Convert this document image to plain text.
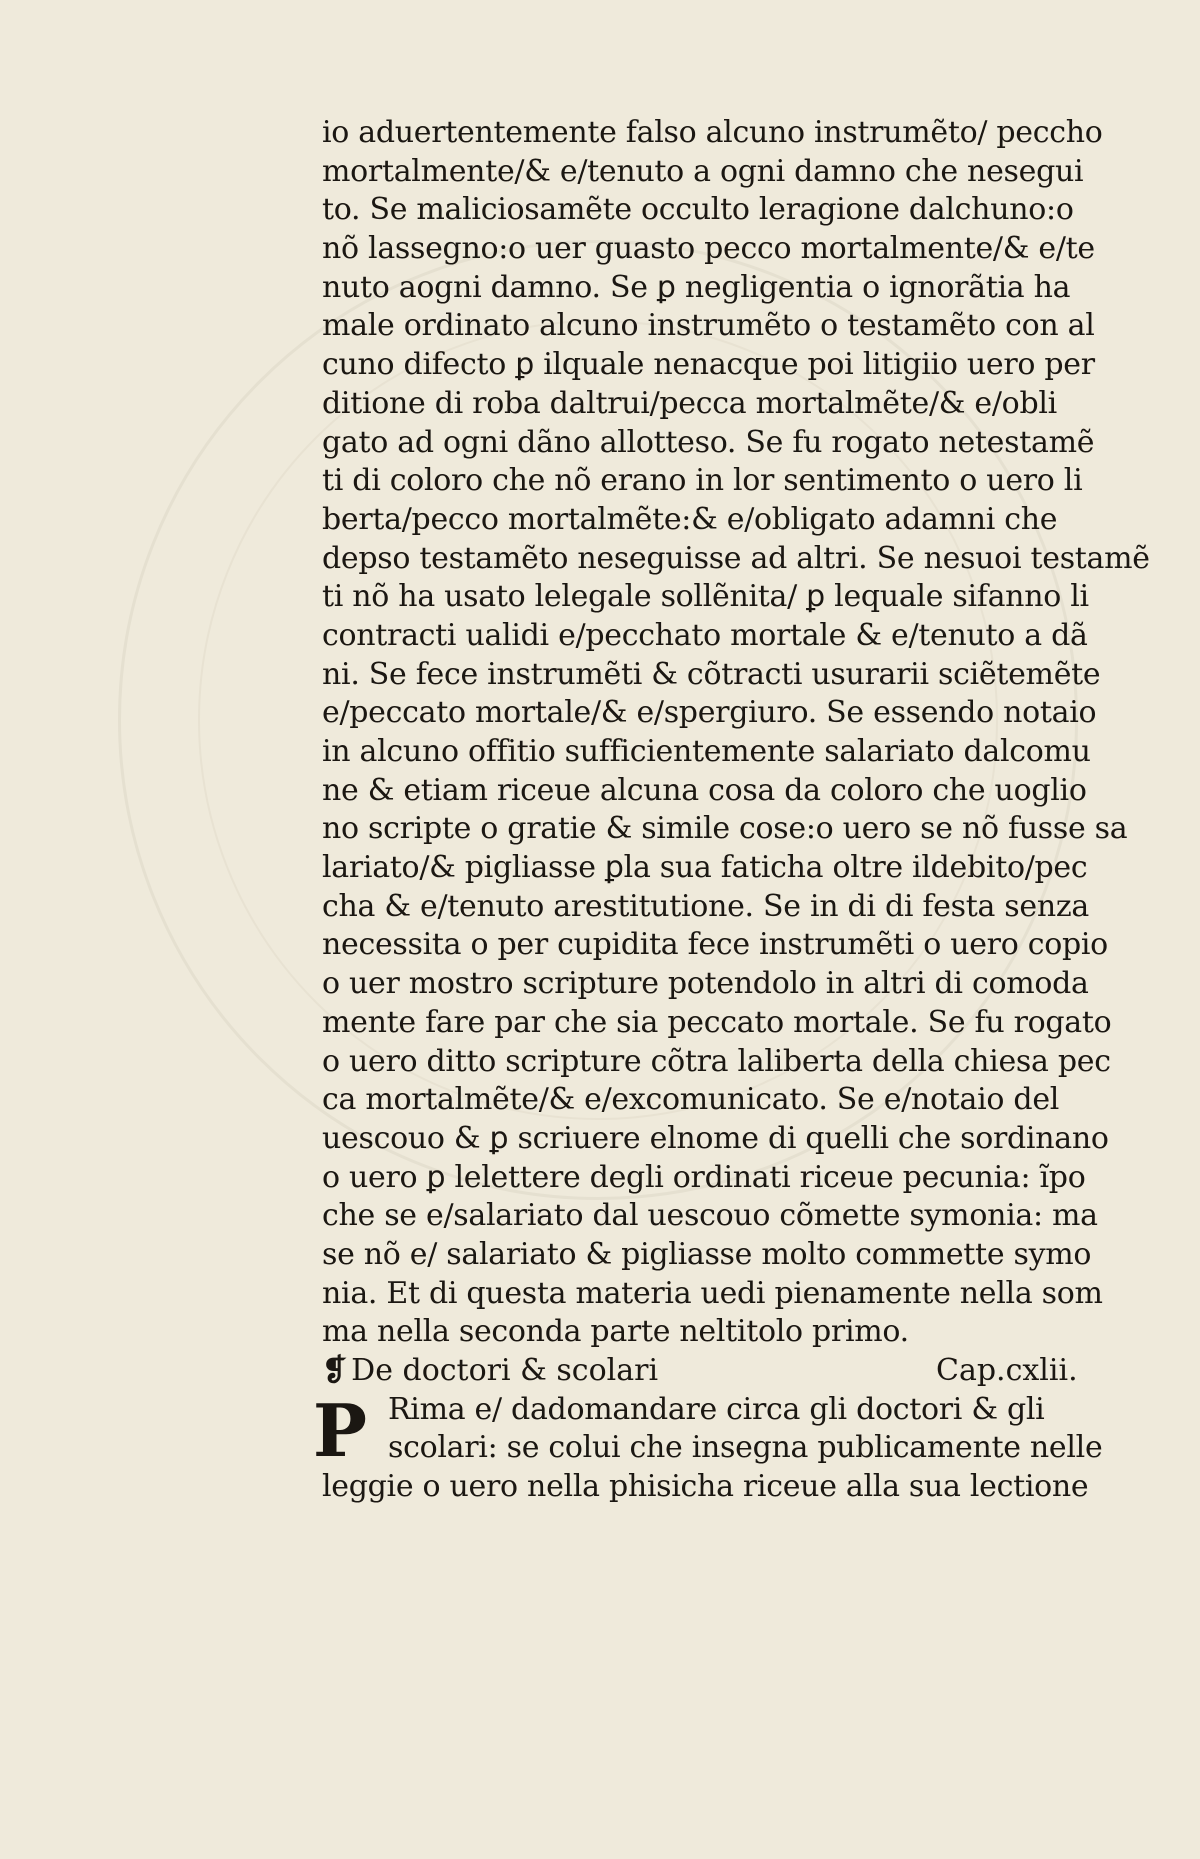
io aduertentemente falso alcuno instrumẽto/ peccho
mortalmente/& e/tenuto a ogni damno che nesegui
to. Se maliciosamẽte occulto leragione dalchuno:o
nõ lassegno:o uer guasto pecco mortalmente/& e/te
nuto aogni damno. Se ꝑ negligentia o ignorãtia ha
male ordinato alcuno instrumẽto o testamẽto con al
cuno difecto ꝑ ilquale nenacque poi litigiio uero per
ditione di roba daltrui/pecca mortalmẽte/& e/obli
gato ad ogni dãno allotteso. Se fu rogato netestamẽ
ti di coloro che nõ erano in lor sentimento o uero li
berta/pecco mortalmẽte:& e/obligato adamni che
depso testamẽto neseguisse ad altri. Se nesuoi testamẽ
ti nõ ha usato lelegale sollẽnita/ ꝑ lequale sifanno li
contracti ualidi e/pecchato mortale & e/tenuto a dã
ni. Se fece instrumẽti & cõtracti usurarii sciẽtemẽte
e/peccato mortale/& e/spergiuro. Se essendo notaio
in alcuno offitio sufficientemente salariato dalcomu
ne & etiam riceue alcuna cosa da coloro che uoglio
no scripte o gratie & simile cose:o uero se nõ fusse sa
lariato/& pigliasse ꝑla sua faticha oltre ildebito/pec
cha & e/tenuto arestitutione. Se in di di festa senza
necessita o per cupidita fece instrumẽti o uero copio
o uer mostro scripture potendolo in altri di comoda
mente fare par che sia peccato mortale. Se fu rogato
o uero ditto scripture cõtra laliberta della chiesa pec
ca mortalmẽte/& e/excomunicato. Se e/notaio del
uescouo & ꝑ scriuere elnome di quelli che sordinano
o uero ꝑ lelettere degli ordinati riceue pecunia: ĩpo
che se e/salariato dal uescouo cõmette symonia: ma
se nõ e/ salariato & pigliasse molto commette symo
nia. Et di questa materia uedi pienamente nella som
ma nella seconda parte neltitolo primo.
❡ De doctori & scolari	Cap.cxlii.
P Rima e/ dadomandare circa gli doctori & gli
scolari: se colui che insegna publicamente nelle
leggie o uero nella phisicha riceue alla sua lectione
